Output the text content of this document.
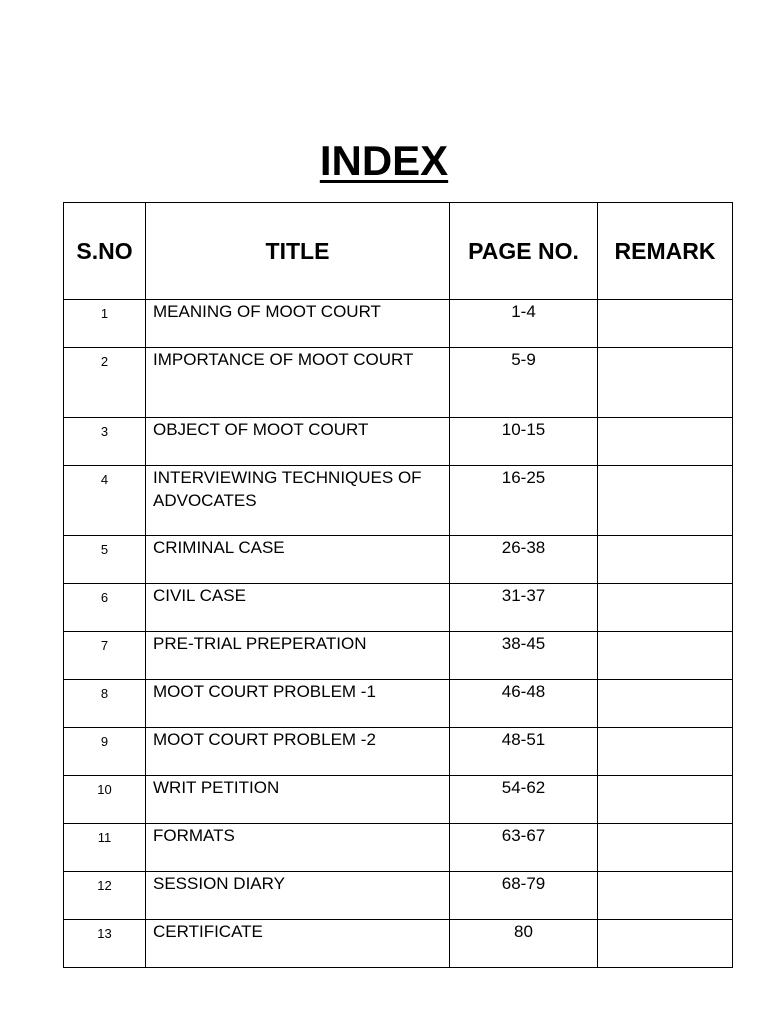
INDEX
S.NO	TITLE	PAGE NO.	REMARK
1	MEANING OF MOOT COURT	1-4	
2	IMPORTANCE OF MOOT COURT	5-9	
3	OBJECT OF MOOT COURT	10-15	
4	INTERVIEWING TECHNIQUES OF ADVOCATES	16-25	
5	CRIMINAL CASE	26-38	
6	CIVIL CASE	31-37	
7	PRE-TRIAL PREPERATION	38-45	
8	MOOT COURT PROBLEM -1	46-48	
9	MOOT COURT PROBLEM -2	48-51	
10	WRIT PETITION	54-62	
11	FORMATS	63-67	
12	SESSION DIARY	68-79	
13	CERTIFICATE	80	
